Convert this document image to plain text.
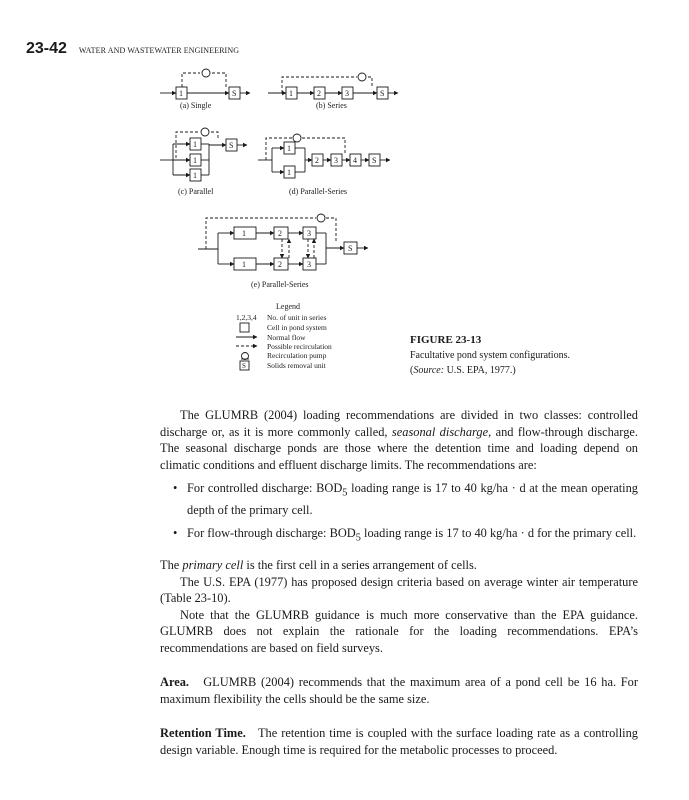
23-42 WATER AND WASTEWATER ENGINEERING
1	S
(a) Single
1	2	3	S
(b) Series
1
1
1
S
(c) Parallel
1
1
2 3 4 S
(d) Parallel-Series
1
1
2
2
3
3
S
(e) Parallel-Series
Legend
1,2,3,4 No. of unit in series
Cell in pond system
Normal flow
Possible recirculation
Recirculation pump
S	Solids removal unit
FIGURE 23-13
Facultative pond system configurations.
(Source: U.S. EPA, 1977.)

The GLUMRB (2004) loading recommendations are divided in two classes: controlled discharge or, as it is more commonly called, seasonal discharge, and flow-through discharge. The seasonal discharge ponds are those where the detention time and loading depend on climatic conditions and effluent discharge limits. The recommendations are:

• For controlled discharge: $BOD_5$ loading range is 17 to 40 kg/ha · d at the mean operating depth of the primary cell.
• For flow-through discharge: $BOD_5$ loading range is 17 to 40 kg/ha · d for the primary cell.

The primary cell is the first cell in a series arrangement of cells.

The U.S. EPA (1977) has proposed design criteria based on average winter air temperature (Table 23-10).

Note that the GLUMRB guidance is much more conservative than the EPA guidance. GLUMRB does not explain the rationale for the loading recommendations. EPA’s recommendations are based on field surveys.

Area. GLUMRB (2004) recommends that the maximum area of a pond cell be 16 ha. For maximum flexibility the cells should be the same size.

Retention Time. The retention time is coupled with the surface loading rate as a controlling design variable. Enough time is required for the metabolic processes to proceed.
